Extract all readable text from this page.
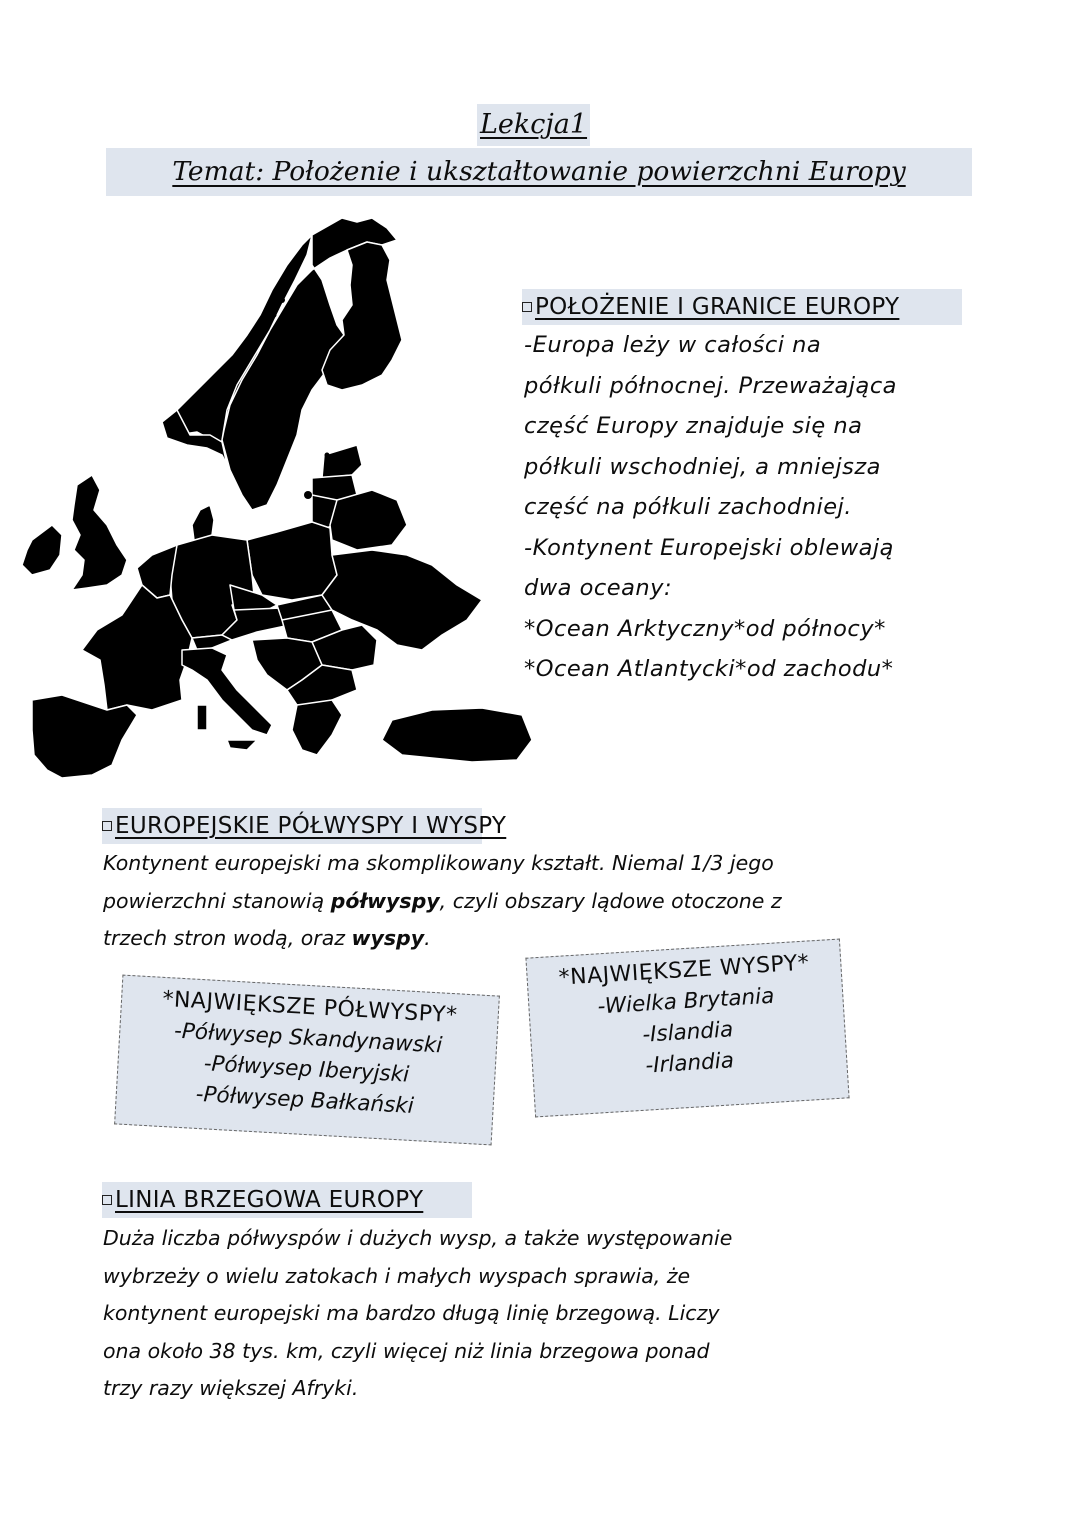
Lekcja1
Temat: Położenie i ukształtowanie powierzchni Europy
POŁOŻENIE I GRANICE EUROPY
-Europa leży w całości na
półkuli północnej. Przeważająca
część Europy znajduje się na
półkuli wschodniej, a mniejsza
część na półkuli zachodniej.
-Kontynent Europejski oblewają
dwa oceany:
*Ocean Arktyczny*od północy*
*Ocean Atlantycki*od zachodu*
EUROPEJSKIE PÓŁWYSPY I WYSPY
Kontynent europejski ma skomplikowany kształt. Niemal 1/3 jego
powierzchni stanowią półwyspy, czyli obszary lądowe otoczone z
trzech stron wodą, oraz wyspy.
*NAJWIĘKSZE PÓŁWYSPY*
-Półwysep Skandynawski
-Półwysep Iberyjski
-Półwysep Bałkański
*NAJWIĘKSZE WYSPY*
-Wielka Brytania
-Islandia
-Irlandia
LINIA BRZEGOWA EUROPY
Duża liczba półwyspów i dużych wysp, a także występowanie
wybrzeży o wielu zatokach i małych wyspach sprawia, że
kontynent europejski ma bardzo długą linię brzegową. Liczy
ona około 38 tys. km, czyli więcej niż linia brzegowa ponad
trzy razy większej Afryki.
